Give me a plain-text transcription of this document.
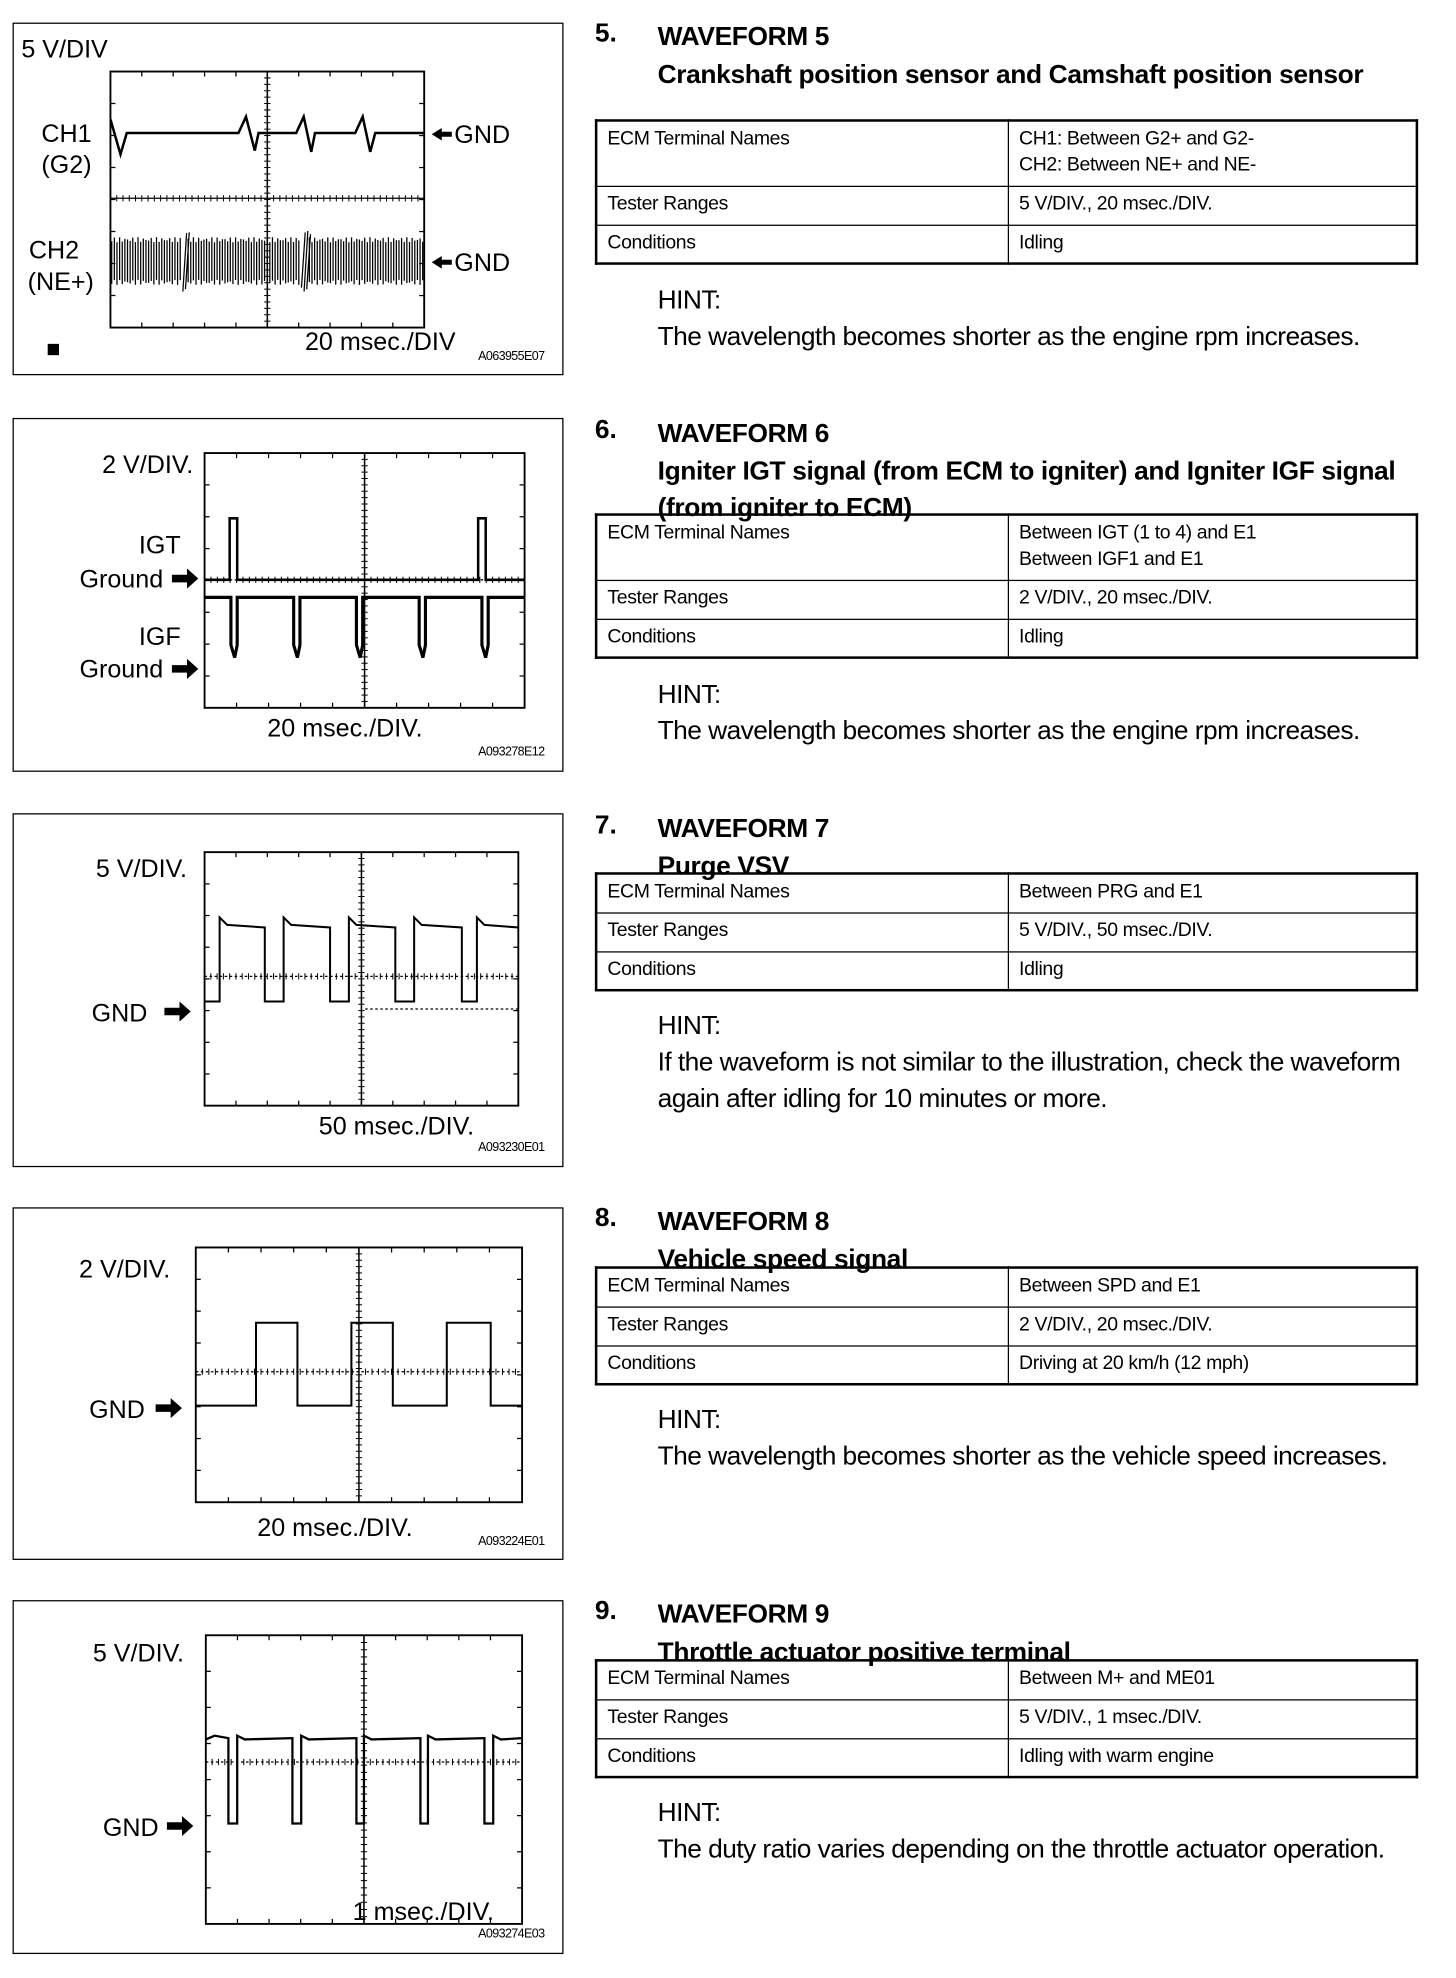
5 V/DIV
CH1
(G2)
CH2
(NE+)
GND
GND
20 msec./DIV
A063955E07
2 V/DIV.
IGT
Ground
IGF
Ground
20 msec./DIV.
A093278E12
5 V/DIV.
GND
50 msec./DIV.
A093230E01
2 V/DIV.
GND
20 msec./DIV.	A093224E01
5 V/DIV.
GND
1 msec./DIV.
A093274E03
5. WAVEFORM 5
Crankshaft position sensor and Camshaft position sensor
ECM Terminal Names	CH1: Between G2+ and G2-
CH2: Between NE+ and NE-
Tester Ranges	5 V/DIV., 20 msec./DIV.
Conditions	Idling
HINT:
The wavelength becomes shorter as the engine rpm increases.
6. WAVEFORM 6
Igniter IGT signal (from ECM to igniter) and Igniter IGF signal (from igniter to ECM)
ECM Terminal Names	Between IGT (1 to 4) and E1
Between IGF1 and E1
Tester Ranges	2 V/DIV., 20 msec./DIV.
Conditions	Idling
HINT:
The wavelength becomes shorter as the engine rpm increases.
7. WAVEFORM 7
Purge VSV
ECM Terminal Names	Between PRG and E1
Tester Ranges	5 V/DIV., 50 msec./DIV.
Conditions	Idling
HINT:
If the waveform is not similar to the illustration, check the waveform again after idling for 10 minutes or more.
8. WAVEFORM 8
Vehicle speed signal
ECM Terminal Names	Between SPD and E1
Tester Ranges	2 V/DIV., 20 msec./DIV.
Conditions	Driving at 20 km/h (12 mph)
HINT:
The wavelength becomes shorter as the vehicle speed increases.
9. WAVEFORM 9
Throttle actuator positive terminal
ECM Terminal Names	Between M+ and ME01
Tester Ranges	5 V/DIV., 1 msec./DIV.
Conditions	Idling with warm engine
HINT:
The duty ratio varies depending on the throttle actuator operation.
